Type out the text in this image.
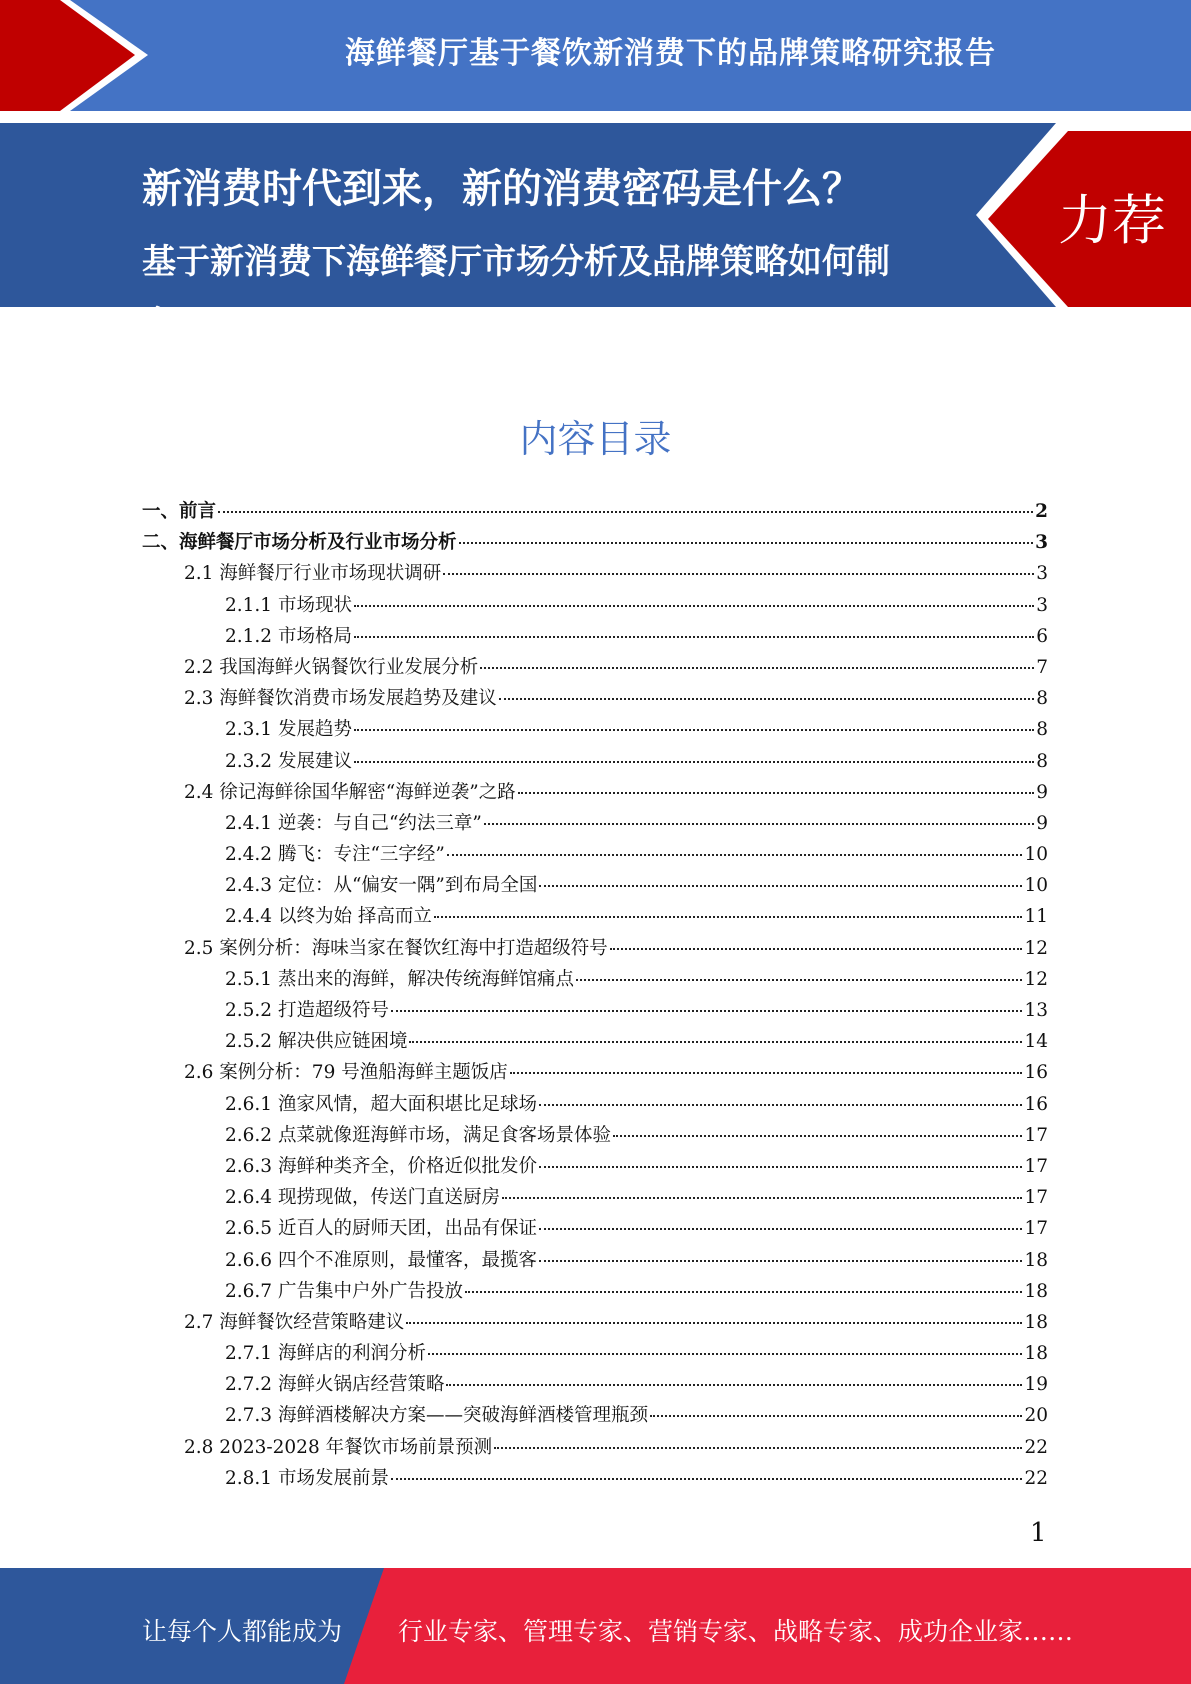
海鲜餐厅基于餐饮新消费下的品牌策略研究报告
新消费时代到来，新的消费密码是什么？
基于新消费下海鲜餐厅市场分析及品牌策略如何制定？？？
力荐
内容目录
一、前言	2
二、海鲜餐厅市场分析及行业市场分析	3
2.1 海鲜餐厅行业市场现状调研	3
2.1.1 市场现状	3
2.1.2 市场格局	6
2.2 我国海鲜火锅餐饮行业发展分析	7
2.3 海鲜餐饮消费市场发展趋势及建议	8
2.3.1 发展趋势	8
2.3.2 发展建议	8
2.4 徐记海鲜徐国华解密“海鲜逆袭”之路	9
2.4.1 逆袭：与自己“约法三章”	9
2.4.2 腾飞：专注“三字经”	10
2.4.3 定位：从“偏安一隅”到布局全国	10
2.4.4 以终为始 择高而立	11
2.5 案例分析：海味当家在餐饮红海中打造超级符号	12
2.5.1 蒸出来的海鲜，解决传统海鲜馆痛点	12
2.5.2 打造超级符号	13
2.5.2 解决供应链困境	14
2.6 案例分析：79 号渔船海鲜主题饭店	16
2.6.1 渔家风情，超大面积堪比足球场	16
2.6.2 点菜就像逛海鲜市场，满足食客场景体验	17
2.6.3 海鲜种类齐全，价格近似批发价	17
2.6.4 现捞现做，传送门直送厨房	17
2.6.5 近百人的厨师天团，出品有保证	17
2.6.6 四个不准原则，最懂客，最揽客	18
2.6.7 广告集中户外广告投放	18
2.7 海鲜餐饮经营策略建议	18
2.7.1 海鲜店的利润分析	18
2.7.2 海鲜火锅店经营策略	19
2.7.3 海鲜酒楼解决方案——突破海鲜酒楼管理瓶颈	20
2.8 2023-2028 年餐饮市场前景预测	22
2.8.1 市场发展前景	22
1
让每个人都能成为 行业专家、管理专家、营销专家、战略专家、成功企业家……
